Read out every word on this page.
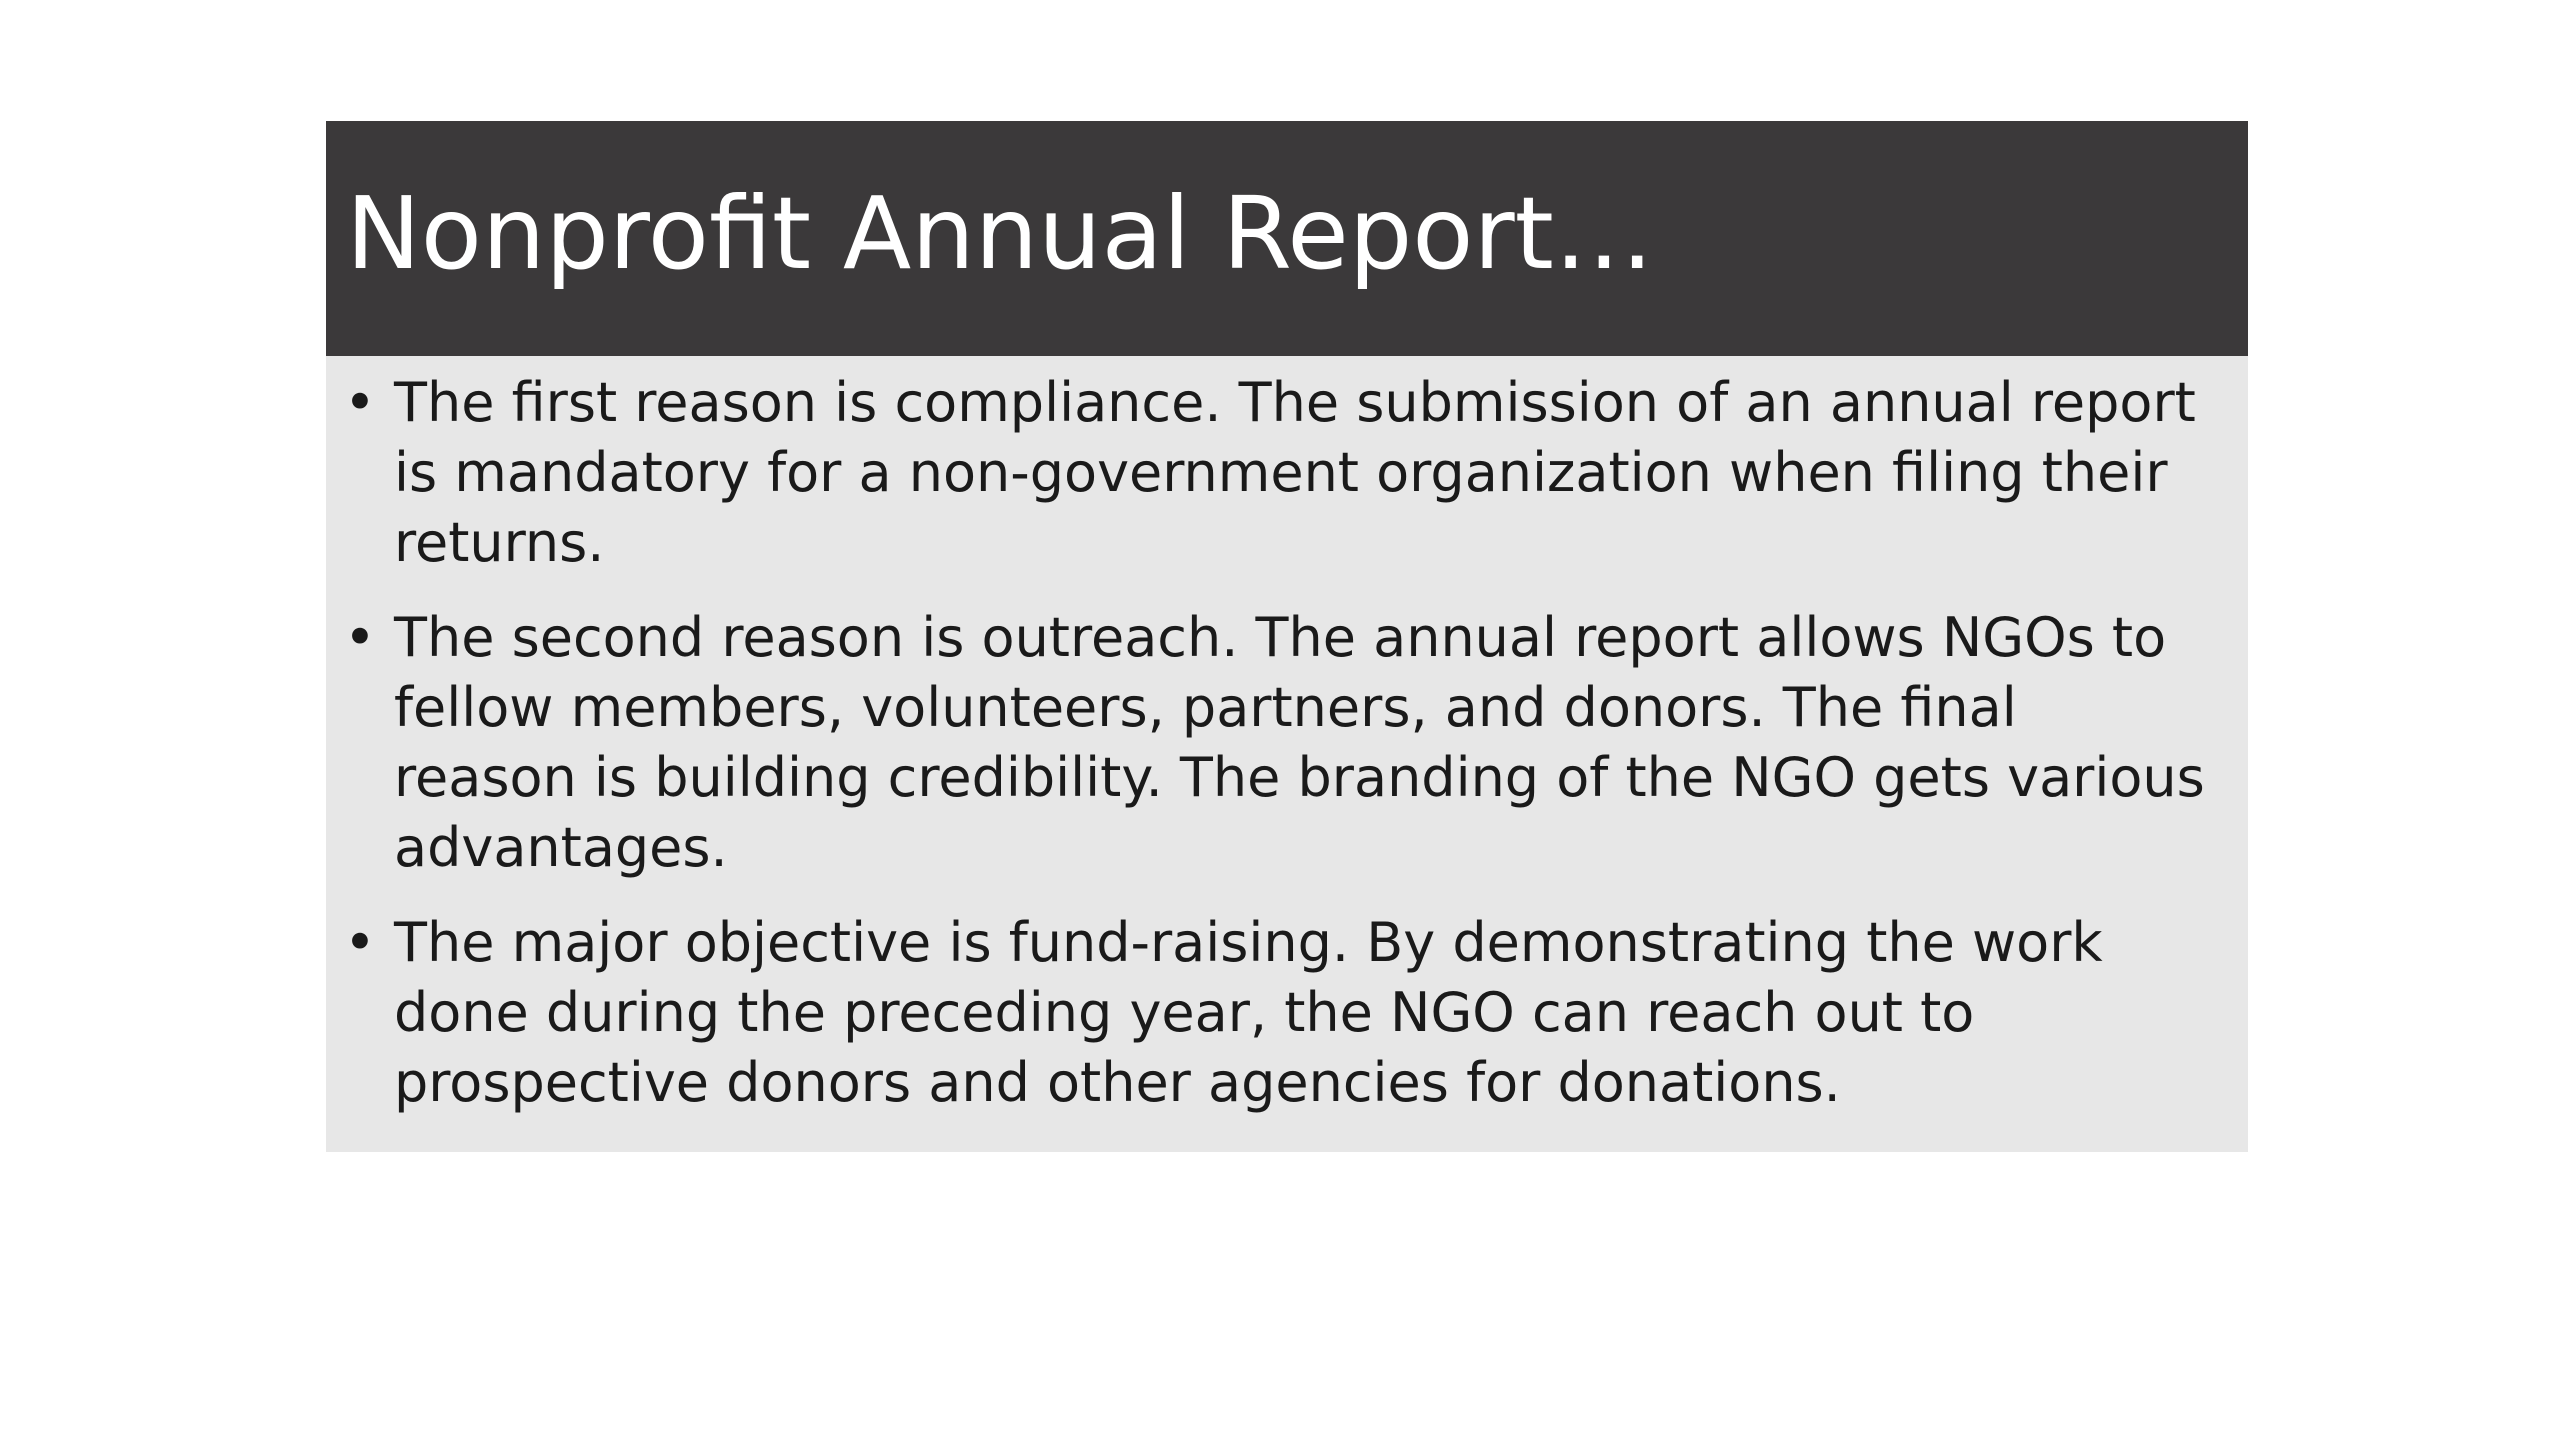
Nonprofit Annual Report…
• The first reason is compliance. The submission of an annual report is mandatory for a non-government organization when filing their returns.
• The second reason is outreach. The annual report allows NGOs to fellow members, volunteers, partners, and donors. The final reason is building credibility. The branding of the NGO gets various advantages.
• The major objective is fund-raising. By demonstrating the work done during the preceding year, the NGO can reach out to prospective donors and other agencies for donations.
